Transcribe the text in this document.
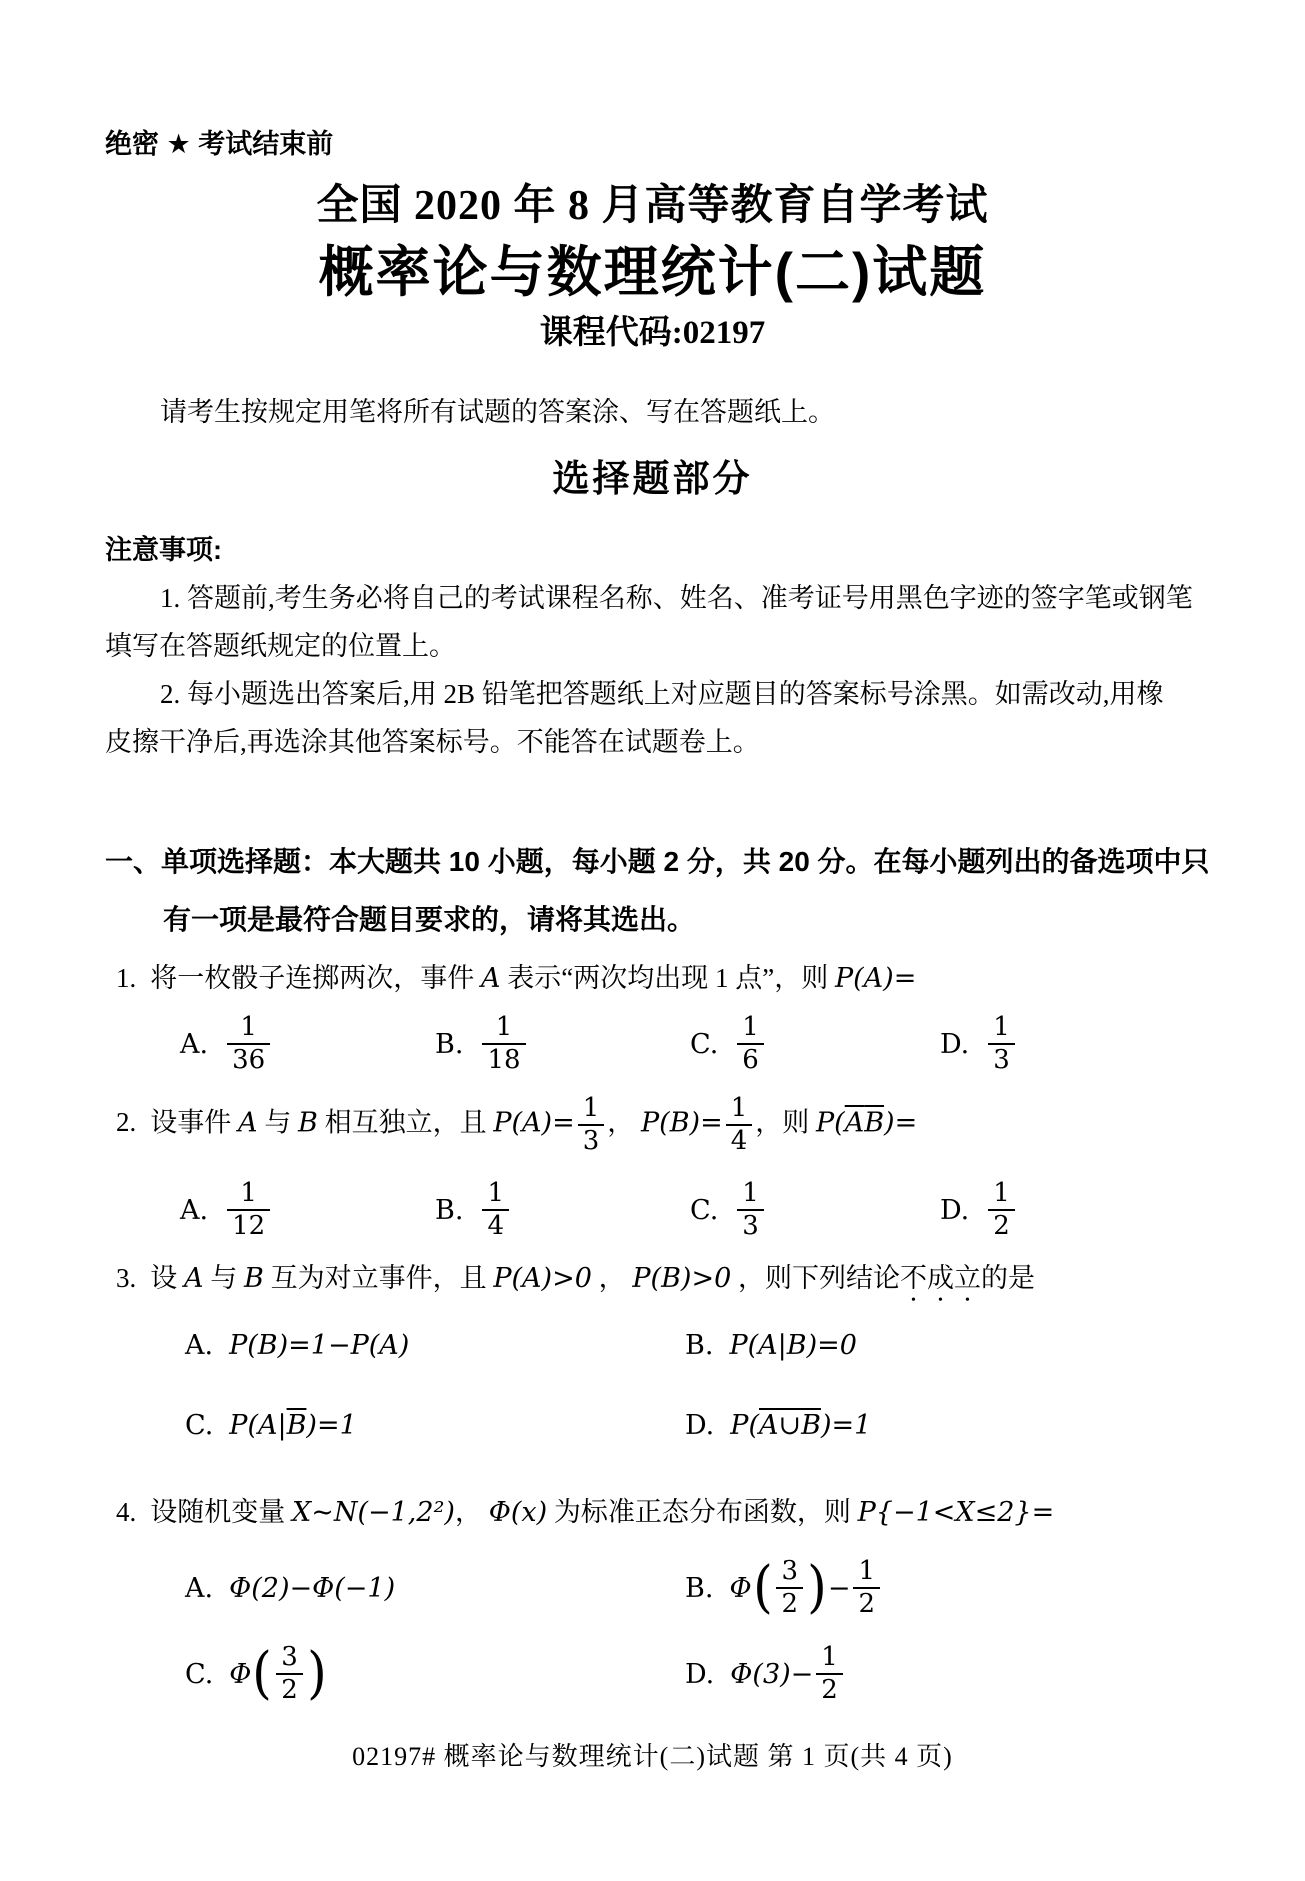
绝密 ★ 考试结束前
全国 2020 年 8 月高等教育自学考试
概率论与数理统计(二)试题
课程代码:02197
请考生按规定用笔将所有试题的答案涂、写在答题纸上。
选择题部分
注意事项:
1. 答题前,考生务必将自己的考试课程名称、姓名、准考证号用黑色字迹的签字笔或钢笔
填写在答题纸规定的位置上。
2. 每小题选出答案后,用 2B 铅笔把答题纸上对应题目的答案标号涂黑。如需改动,用橡
皮擦干净后,再选涂其他答案标号。不能答在试题卷上。
一、单项选择题：本大题共 10 小题，每小题 2 分，共 20 分。在每小题列出的备选项中只
有一项是最符合题目要求的，请将其选出。
1. 将一枚骰子连掷两次，事件 A 表示“两次均出现 1 点”，则 P(A)=
A. $\frac{1}{36}$	B. $\frac{1}{18}$	C. $\frac{1}{6}$	D. $\frac{1}{3}$
2. 设事件 A 与 B 相互独立，且 $P(A)= \frac{1}{3}$ ， $P(B)= \frac{1}{4}$ ，则 $P(\overline{A}\overline{B})=$
A. $\frac{1}{12}$	B. $\frac{1}{4}$	C. $\frac{1}{3}$	D. $\frac{1}{2}$
3. 设 A 与 B 互为对立事件，且 P(A)>0 ， P(B)>0 ，则下列结论不成立的是
A. P(B)=1−P(A)	B. P(A|B)=0
C. $P(A|\overline{B})=1$	D. P(A∪B)=1
4. 设随机变量 X~N(−1,2²)， Φ(x) 为标准正态分布函数，则 P{−1<X≤2}=
A. Φ(2)−Φ(−1)	B. Φ ( $\frac{3}{2}$ ) − $\frac{1}{2}$
C. Φ ( $\frac{3}{2}$ )	D. $\Phi(3)- \frac{1}{2}$
02197# 概率论与数理统计(二)试题 第 1 页(共 4 页)
